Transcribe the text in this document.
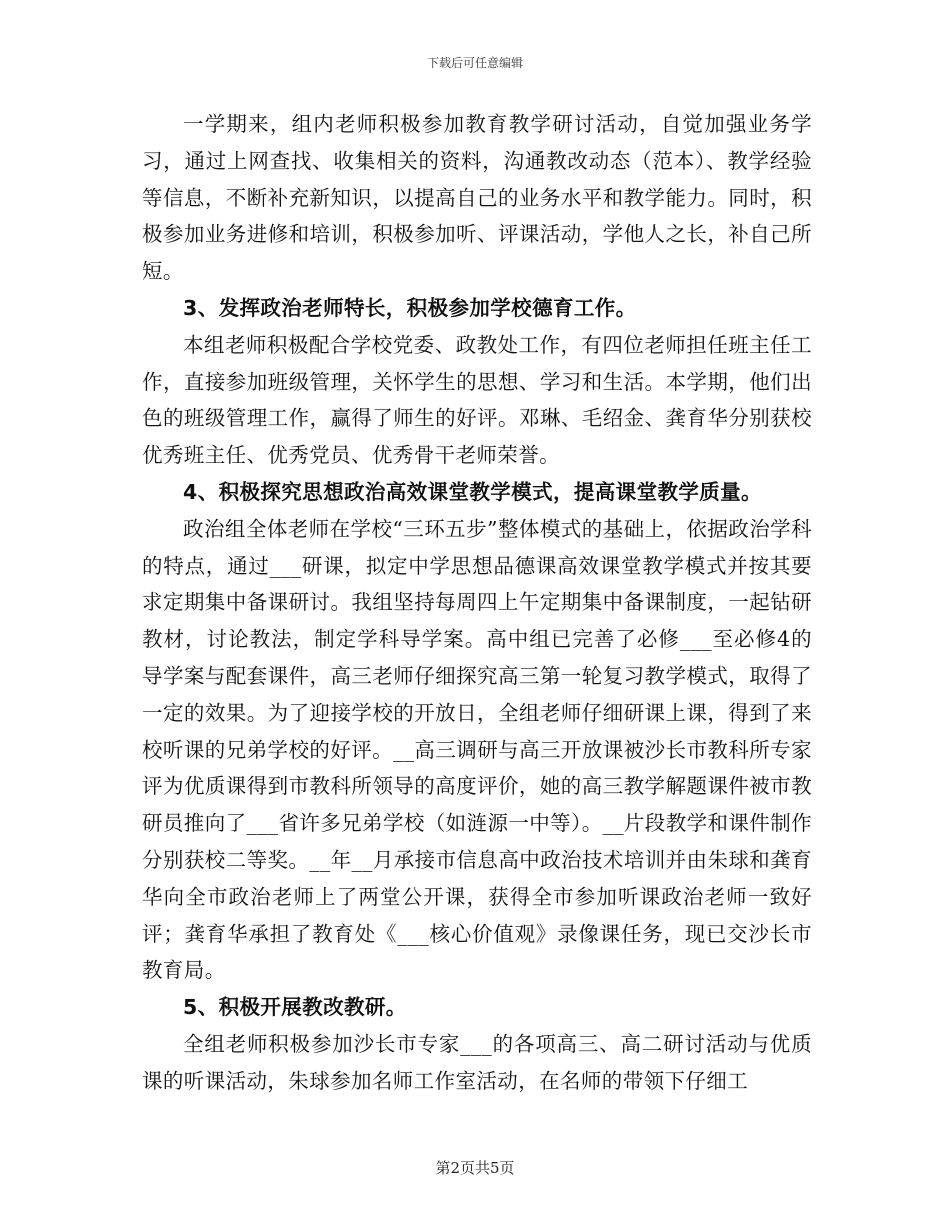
下载后可任意编辑

一学期来，组内老师积极参加教育教学研讨活动，自觉加强业务学习，通过上网查找、收集相关的资料，沟通教改动态（范本）、教学经验等信息，不断补充新知识，以提高自己的业务水平和教学能力。同时，积极参加业务进修和培训，积极参加听、评课活动，学他人之长，补自己所短。

3、发挥政治老师特长，积极参加学校德育工作。

本组老师积极配合学校党委、政教处工作，有四位老师担任班主任工作，直接参加班级管理，关怀学生的思想、学习和生活。本学期，他们出色的班级管理工作，赢得了师生的好评。邓琳、毛绍金、龚育华分别获校优秀班主任、优秀党员、优秀骨干老师荣誉。

4、积极探究思想政治高效课堂教学模式，提高课堂教学质量。

政治组全体老师在学校“三环五步”整体模式的基础上，依据政治学科的特点，通过___研课，拟定中学思想品德课高效课堂教学模式并按其要求定期集中备课研讨。我组坚持每周四上午定期集中备课制度，一起钻研教材，讨论教法，制定学科导学案。高中组已完善了必修___至必修4的导学案与配套课件，高三老师仔细探究高三第一轮复习教学模式，取得了一定的效果。为了迎接学校的开放日，全组老师仔细研课上课，得到了来校听课的兄弟学校的好评。__高三调研与高三开放课被沙长市教科所专家评为优质课得到市教科所领导的高度评价，她的高三教学解题课件被市教研员推向了___省许多兄弟学校（如涟源一中等）。__片段教学和课件制作分别获校二等奖。__年__月承接市信息高中政治技术培训并由朱球和龚育华向全市政治老师上了两堂公开课，获得全市参加听课政治老师一致好评；龚育华承担了教育处《___核心价值观》录像课任务，现已交沙长市教育局。

5、积极开展教改教研。

全组老师积极参加沙长市专家___的各项高三、高二研讨活动与优质课的听课活动，朱球参加名师工作室活动，在名师的带领下仔细工

第2页共5页
